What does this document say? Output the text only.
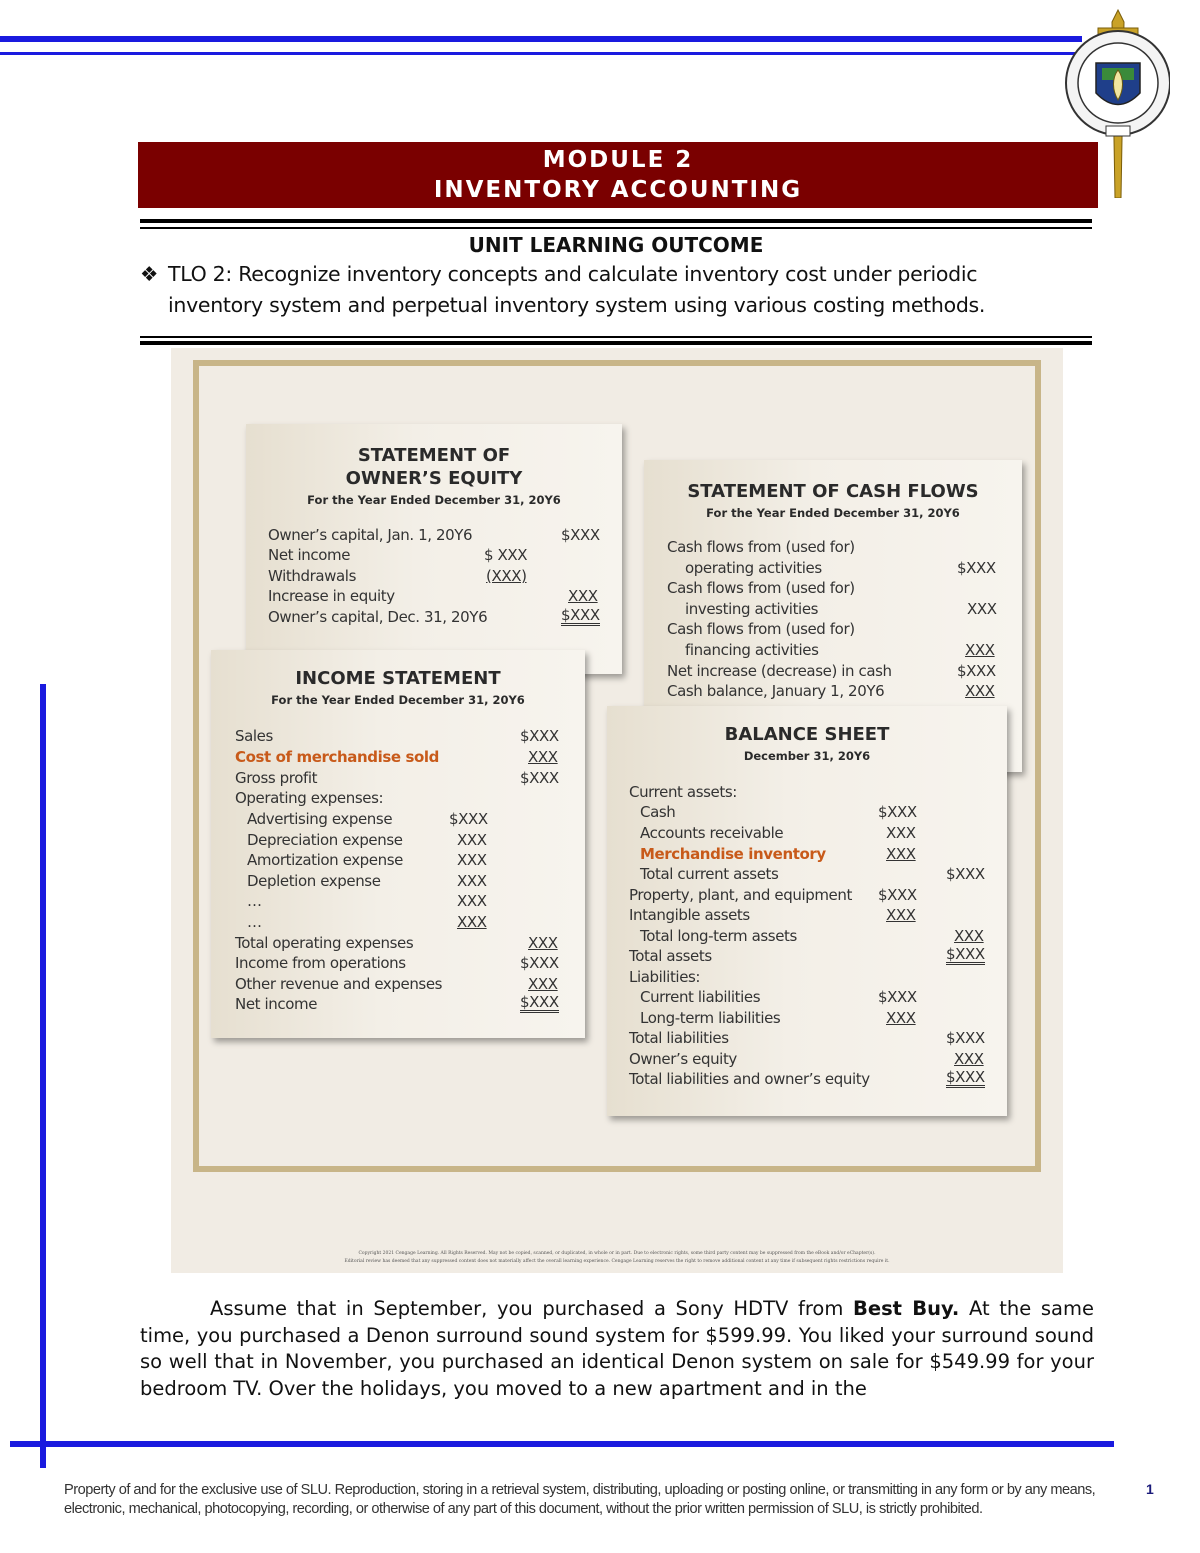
MODULE 2
INVENTORY ACCOUNTING
UNIT LEARNING OUTCOME
❖ TLO 2: Recognize inventory concepts and calculate inventory cost under periodic
inventory system and perpetual inventory system using various costing methods.
STATEMENT OF
OWNER’S EQUITY
For the Year Ended December 31, 20Y6
Owner’s capital, Jan. 1, 20Y6	$XXX
Net income	$ XXX
Withdrawals	(XXX)
Increase in equity	XXX
Owner’s capital, Dec. 31, 20Y6	$XXX
STATEMENT OF CASH FLOWS
For the Year Ended December 31, 20Y6
Cash flows from (used for)
operating activities	$XXX
Cash flows from (used for)
investing activities	XXX
Cash flows from (used for)
financing activities	XXX
Net increase (decrease) in cash	$XXX
Cash balance, January 1, 20Y6	XXX
INCOME STATEMENT
For the Year Ended December 31, 20Y6
Sales	$XXX
Cost of merchandise sold	XXX
Gross profit	$XXX
Operating expenses:
Advertising expense	$XXX
Depreciation expense	XXX
Amortization expense	XXX
Depletion expense	XXX
…	XXX
…	XXX
Total operating expenses	XXX
Income from operations	$XXX
Other revenue and expenses	XXX
Net income	$XXX
BALANCE SHEET
December 31, 20Y6
Current assets:
Cash	$XXX
Accounts receivable	XXX
Merchandise inventory	XXX
Total current assets	$XXX
Property, plant, and equipment $XXX
Intangible assets	XXX
Total long-term assets	XXX
Total assets	$XXX
Liabilities:
Current liabilities	$XXX
Long-term liabilities	XXX
Total liabilities	$XXX
Owner’s equity	XXX
Total liabilities and owner’s equity	$XXX
Copyright 2021 Cengage Learning. All Rights Reserved. May not be copied, scanned, or duplicated, in whole or in part. Due to electronic rights, some third party content may be suppressed from the eBook and/or eChapter(s).
Editorial review has deemed that any suppressed content does not materially affect the overall learning experience. Cengage Learning reserves the right to remove additional content at any time if subsequent rights restrictions require it.

Assume that in September, you purchased a Sony HDTV from Best Buy. At the same time, you purchased a Denon surround sound system for $599.99. You liked your surround sound so well that in November, you purchased an identical Denon system on sale for $549.99 for your bedroom TV. Over the holidays, you moved to a new apartment and in the

Property of and for the exclusive use of SLU. Reproduction, storing in a retrieval system, distributing, uploading or posting online, or transmitting in any form or by any means, electronic, mechanical, photocopying, recording, or otherwise of any part of this document, without the prior written permission of SLU, is strictly prohibited.
1
